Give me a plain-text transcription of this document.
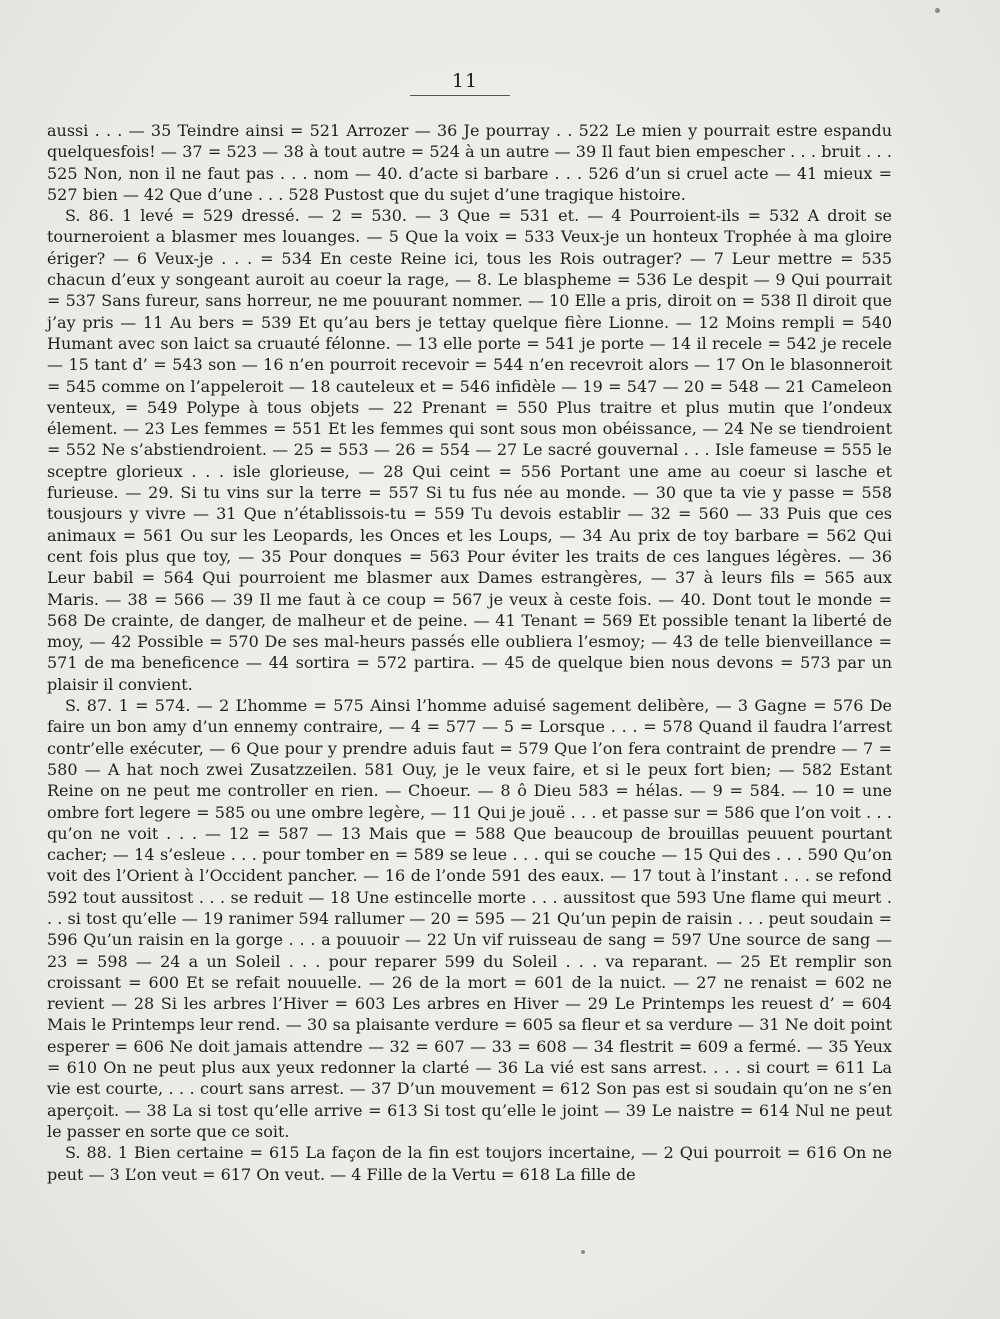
11

aussi . . . — 35 Teindre ainsi = 521 Arrozer — 36 Je pourray . . 522 Le mien y pourrait estre espandu quelquesfois! — 37 = 523 — 38 à tout autre = 524 à un autre — 39 Il faut bien empescher . . . bruit . . . 525 Non, non il ne faut pas . . . nom — 40. d’acte si barbare . . . 526 d’un si cruel acte — 41 mieux = 527 bien — 42 Que d’une . . . 528 Pustost que du sujet d’une tragique histoire.

S. 86. 1 levé = 529 dressé. — 2 = 530. — 3 Que = 531 et. — 4 Pourroient-ils = 532 A droit se tourneroient a blasmer mes louanges. — 5 Que la voix = 533 Veux-je un honteux Trophée à ma gloire ériger? — 6 Veux-je . . . = 534 En ceste Reine ici, tous les Rois outrager? — 7 Leur mettre = 535 chacun d’eux y songeant auroit au coeur la rage, — 8. Le blaspheme = 536 Le despit — 9 Qui pourrait = 537 Sans fureur, sans horreur, ne me pouurant nommer. — 10 Elle a pris, diroit on = 538 Il diroit que j’ay pris — 11 Au bers = 539 Et qu’au bers je tettay quelque fière Lionne. — 12 Moins rempli = 540 Humant avec son laict sa cruauté félonne. — 13 elle porte = 541 je porte — 14 il recele = 542 je recele — 15 tant d’ = 543 son — 16 n’en pourroit recevoir = 544 n’en recevroit alors — 17 On le blasonneroit = 545 comme on l’appeleroit — 18 cauteleux et = 546 infidèle — 19 = 547 — 20 = 548 — 21 Cameleon venteux, = 549 Polype à tous objets — 22 Prenant = 550 Plus traitre et plus mutin que l’ondeux élement. — 23 Les femmes = 551 Et les femmes qui sont sous mon obéissance, — 24 Ne se tiendroient = 552 Ne s’abstiendroient. — 25 = 553 — 26 = 554 — 27 Le sacré gouvernal . . . Isle fameuse = 555 le sceptre glorieux . . . isle glorieuse, — 28 Qui ceint = 556 Portant une ame au coeur si lasche et furieuse. — 29. Si tu vins sur la terre = 557 Si tu fus née au monde. — 30 que ta vie y passe = 558 tousjours y vivre — 31 Que n’établissois-tu = 559 Tu devois establir — 32 = 560 — 33 Puis que ces animaux = 561 Ou sur les Leopards, les Onces et les Loups, — 34 Au prix de toy barbare = 562 Qui cent fois plus que toy, — 35 Pour donques = 563 Pour éviter les traits de ces langues légères. — 36 Leur babil = 564 Qui pourroient me blasmer aux Dames estrangères, — 37 à leurs fils = 565 aux Maris. — 38 = 566 — 39 Il me faut à ce coup = 567 je veux à ceste fois. — 40. Dont tout le monde = 568 De crainte, de danger, de malheur et de peine. — 41 Tenant = 569 Et possible tenant la liberté de moy, — 42 Possible = 570 De ses mal-heurs passés elle oubliera l’esmoy; — 43 de telle bienveillance = 571 de ma beneficence — 44 sortira = 572 partira. — 45 de quelque bien nous devons = 573 par un plaisir il convient.

S. 87. 1 = 574. — 2 L’homme = 575 Ainsi l’homme aduisé sagement delibère, — 3 Gagne = 576 De faire un bon amy d’un ennemy contraire, — 4 = 577 — 5 = Lorsque . . . = 578 Quand il faudra l’arrest contr’elle exécuter, — 6 Que pour y prendre aduis faut = 579 Que l’on fera contraint de prendre — 7 = 580 — A hat noch zwei Zusatzzeilen. 581 Ouy, je le veux faire, et si le peux fort bien; — 582 Estant Reine on ne peut me controller en rien. — Choeur. — 8 ô Dieu 583 = hélas. — 9 = 584. — 10 = une ombre fort legere = 585 ou une ombre legère, — 11 Qui je jouë . . . et passe sur = 586 que l’on voit . . . qu’on ne voit . . . — 12 = 587 — 13 Mais que = 588 Que beaucoup de brouillas peuuent pourtant cacher; — 14 s’esleue . . . pour tomber en = 589 se leue . . . qui se couche — 15 Qui des . . . 590 Qu’on voit des l’Orient à l’Occident pancher. — 16 de l’onde 591 des eaux. — 17 tout à l’instant . . . se refond 592 tout aussitost . . . se reduit — 18 Une estincelle morte . . . aussitost que 593 Une flame qui meurt . . . si tost qu’elle — 19 ranimer 594 rallumer — 20 = 595 — 21 Qu’un pepin de raisin . . . peut soudain = 596 Qu’un raisin en la gorge . . . a pouuoir — 22 Un vif ruisseau de sang = 597 Une source de sang — 23 = 598 — 24 a un Soleil . . . pour reparer 599 du Soleil . . . va reparant. — 25 Et remplir son croissant = 600 Et se refait nouuelle. — 26 de la mort = 601 de la nuict. — 27 ne renaist = 602 ne revient — 28 Si les arbres l’Hiver = 603 Les arbres en Hiver — 29 Le Printemps les reuest d’ = 604 Mais le Printemps leur rend. — 30 sa plaisante verdure = 605 sa fleur et sa verdure — 31 Ne doit point esperer = 606 Ne doit jamais attendre — 32 = 607 — 33 = 608 — 34 flestrit = 609 a fermé. — 35 Yeux = 610 On ne peut plus aux yeux redonner la clarté — 36 La vié est sans arrest. . . . si court = 611 La vie est courte, . . . court sans arrest. — 37 D’un mouvement = 612 Son pas est si soudain qu’on ne s’en aperçoit. — 38 La si tost qu’elle arrive = 613 Si tost qu’elle le joint — 39 Le naistre = 614 Nul ne peut le passer en sorte que ce soit.

S. 88. 1 Bien certaine = 615 La façon de la fin est toujors incertaine, — 2 Qui pourroit = 616 On ne peut — 3 L’on veut = 617 On veut. — 4 Fille de la Vertu = 618 La fille de
